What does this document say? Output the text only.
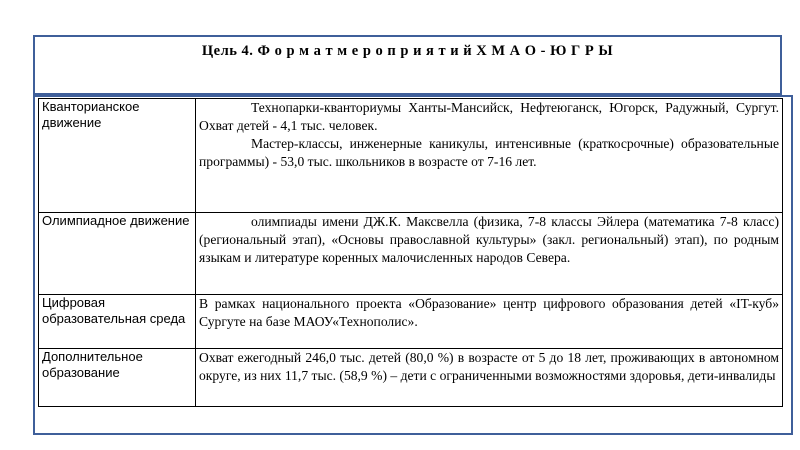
Цель 4. Ф о р м а т м е р о п р и я т и й Х М А О - Ю Г Р Ы
Кванторианское движение	Технопарки-кванториумы Ханты-Мансийск, Нефтеюганск, Югорск, Радужный, Сургут. Охват детей - 4,1 тыс. человек.
Мастер-классы, инженерные каникулы, интенсивные (краткосрочные) образовательные программы) - 53,0 тыс. школьников в возрасте от 7-16 лет.

Олимпиадное движение	олимпиады имени ДЖ.К. Максвелла (физика, 7-8 классы Эйлера (математика 7-8 класс) (региональный этап), «Основы православной культуры» (закл. региональный) этап), по родным языкам и литературе коренных малочисленных народов Севера.

Цифровая образовательная среда	В рамках национального проекта «Образование» центр цифрового образования детей «IT-куб» Сургуте на базе МАОУ«Технополис».

Дополнительное образование	Охват ежегодный 246,0 тыс. детей (80,0 %) в возрасте от 5 до 18 лет, проживающих в автономном округе, из них 11,7 тыс. (58,9 %) – дети с ограниченными возможностями здоровья, дети-инвалиды
